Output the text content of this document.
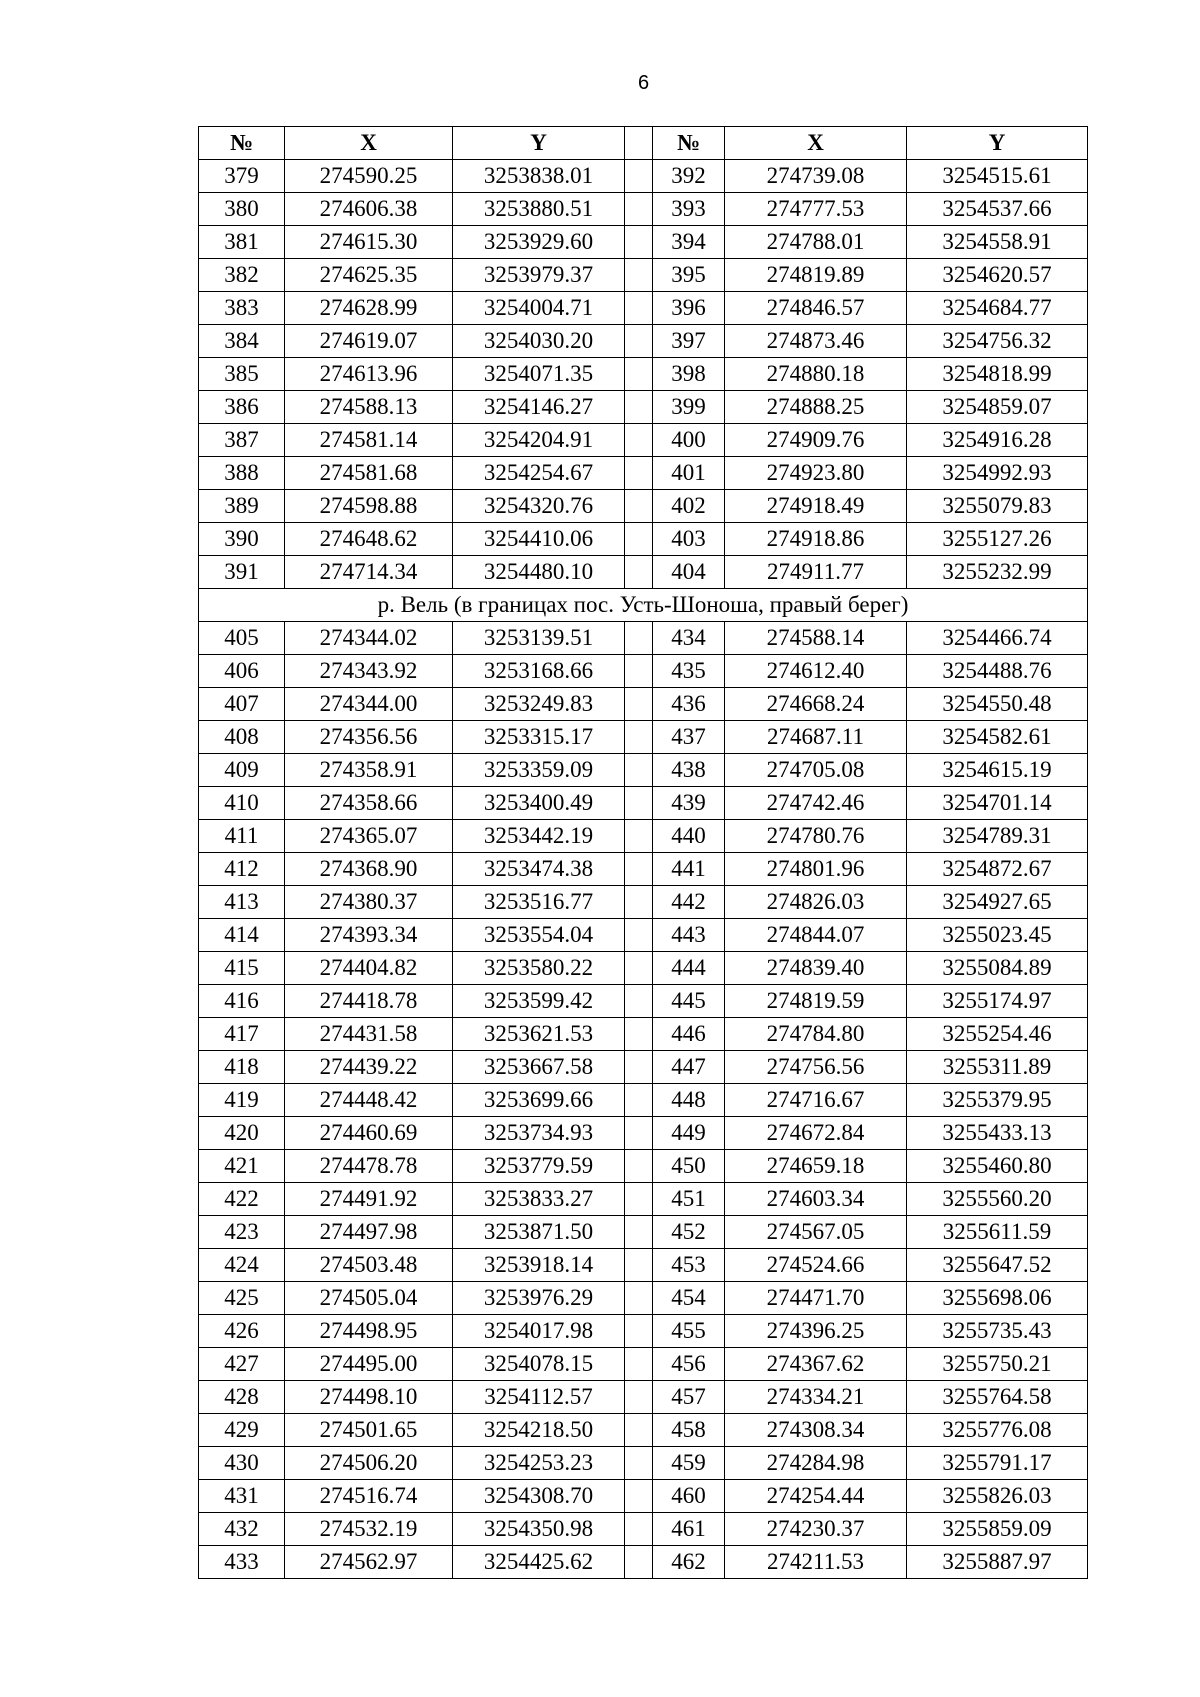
6
№	X	Y		№	X	Y
379	274590.25	3253838.01		392	274739.08	3254515.61
380	274606.38	3253880.51		393	274777.53	3254537.66
381	274615.30	3253929.60		394	274788.01	3254558.91
382	274625.35	3253979.37		395	274819.89	3254620.57
383	274628.99	3254004.71		396	274846.57	3254684.77
384	274619.07	3254030.20		397	274873.46	3254756.32
385	274613.96	3254071.35		398	274880.18	3254818.99
386	274588.13	3254146.27		399	274888.25	3254859.07
387	274581.14	3254204.91		400	274909.76	3254916.28
388	274581.68	3254254.67		401	274923.80	3254992.93
389	274598.88	3254320.76		402	274918.49	3255079.83
390	274648.62	3254410.06		403	274918.86	3255127.26
391	274714.34	3254480.10		404	274911.77	3255232.99
р. Вель (в границах пос. Усть-Шоноша, правый берег)						
405	274344.02	3253139.51		434	274588.14	3254466.74
406	274343.92	3253168.66		435	274612.40	3254488.76
407	274344.00	3253249.83		436	274668.24	3254550.48
408	274356.56	3253315.17		437	274687.11	3254582.61
409	274358.91	3253359.09		438	274705.08	3254615.19
410	274358.66	3253400.49		439	274742.46	3254701.14
411	274365.07	3253442.19		440	274780.76	3254789.31
412	274368.90	3253474.38		441	274801.96	3254872.67
413	274380.37	3253516.77		442	274826.03	3254927.65
414	274393.34	3253554.04		443	274844.07	3255023.45
415	274404.82	3253580.22		444	274839.40	3255084.89
416	274418.78	3253599.42		445	274819.59	3255174.97
417	274431.58	3253621.53		446	274784.80	3255254.46
418	274439.22	3253667.58		447	274756.56	3255311.89
419	274448.42	3253699.66		448	274716.67	3255379.95
420	274460.69	3253734.93		449	274672.84	3255433.13
421	274478.78	3253779.59		450	274659.18	3255460.80
422	274491.92	3253833.27		451	274603.34	3255560.20
423	274497.98	3253871.50		452	274567.05	3255611.59
424	274503.48	3253918.14		453	274524.66	3255647.52
425	274505.04	3253976.29		454	274471.70	3255698.06
426	274498.95	3254017.98		455	274396.25	3255735.43
427	274495.00	3254078.15		456	274367.62	3255750.21
428	274498.10	3254112.57		457	274334.21	3255764.58
429	274501.65	3254218.50		458	274308.34	3255776.08
430	274506.20	3254253.23		459	274284.98	3255791.17
431	274516.74	3254308.70		460	274254.44	3255826.03
432	274532.19	3254350.98		461	274230.37	3255859.09
433	274562.97	3254425.62		462	274211.53	3255887.97
